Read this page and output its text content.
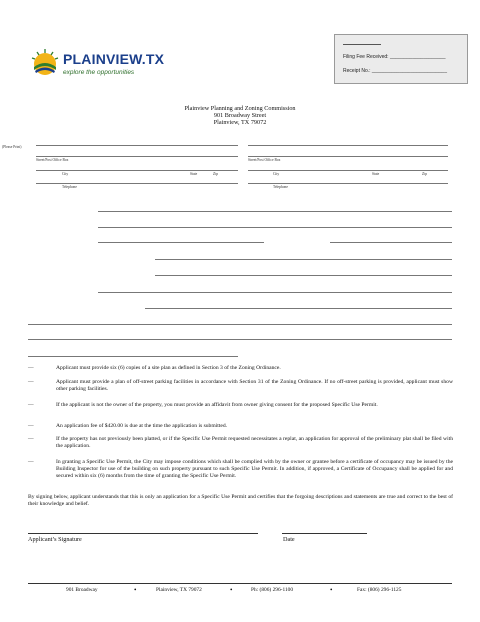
PLAINVIEW.TX
explore the opportunities
Filing Fee Received: ____________________
Receipt No.: ___________________________
Plainview Planning and Zoning Commission
901 Broadway Street
Plainview, TX 79072
(Please Print)
Street/Post Office Box	Street/Post Office Box
City	State	Zip	City	State	Zip
Telephone	Telephone
—	Applicant must provide six (6) copies of a site plan as defined in Section 3 of the Zoning Ordinance.
—	Applicant must provide a plan of off-street parking facilities in accordance with Section 31 of the Zoning Ordinance. If no off-street parking is provided, applicant must show other parking facilities.
—	If the applicant is not the owner of the property, you must provide an affidavit from owner giving consent for the proposed Specific Use Permit.
—	An application fee of $420.00 is due at the time the application is submitted.
—	If the property has not previously been platted, or if the Specific Use Permit requested necessitates a replat, an application for approval of the preliminary plat shall be filed with the application.
—	In granting a Specific Use Permit, the City may impose conditions which shall be complied with by the owner or grantee before a certificate of occupancy may be issued by the Building Inspector for use of the building on such property pursuant to such Specific Use Permit. In addition, if approved, a Certificate of Occupancy shall be applied for and secured within six (6) months from the time of granting the Specific Use Permit.
By signing below, applicant understands that this is only an application for a Specific Use Permit and certifies that the forgoing descriptions and statements are true and correct to the best of their knowledge and belief.
Applicant’s Signature	Date
901 Broadway	•	Plainview, TX 79072	•	Ph: (806) 296-1100	•	Fax: (806) 296-1125
